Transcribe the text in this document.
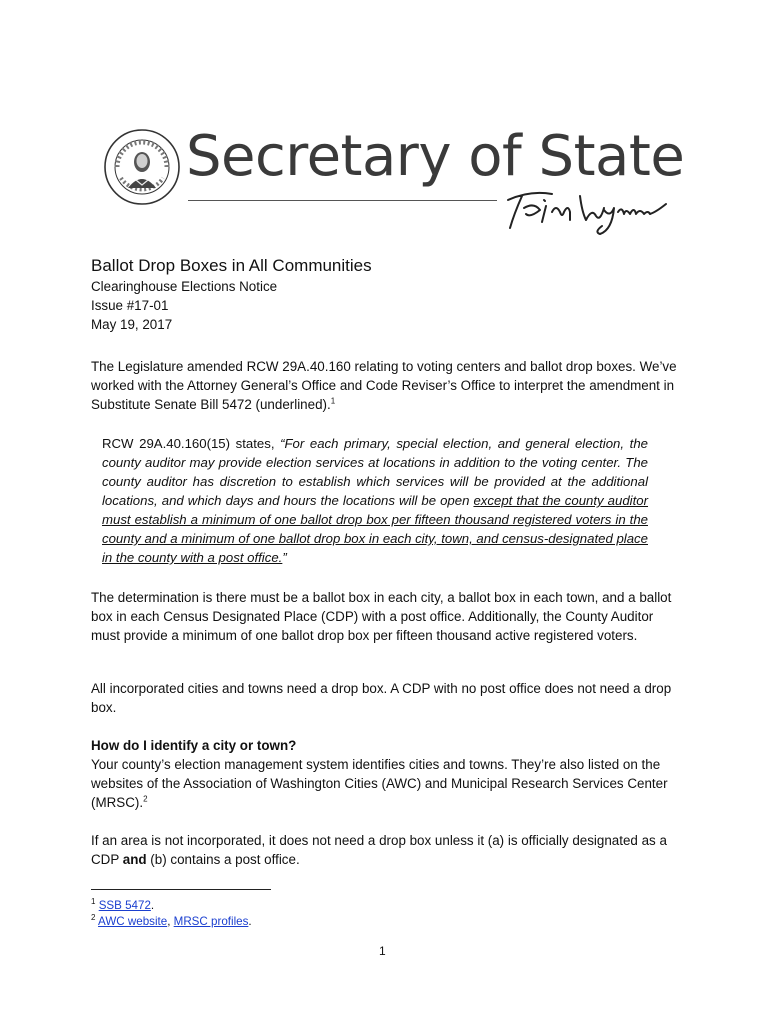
Secretary of State
Ballot Drop Boxes in All Communities
Clearinghouse Elections Notice
Issue #17-01
May 19, 2017
The Legislature amended RCW 29A.40.160 relating to voting centers and ballot drop boxes. We’ve worked with the Attorney General’s Office and Code Reviser’s Office to interpret the amendment in Substitute Senate Bill 5472 (underlined).$^1$
RCW 29A.40.160(15) states, “For each primary, special election, and general election, the county auditor may provide election services at locations in addition to the voting center. The county auditor has discretion to establish which services will be provided at the additional locations, and which days and hours the locations will be open except that the county auditor must establish a minimum of one ballot drop box per fifteen thousand registered voters in the county and a minimum of one ballot drop box in each city, town, and census-designated place in the county with a post office.”
The determination is there must be a ballot box in each city, a ballot box in each town, and a ballot box in each Census Designated Place (CDP) with a post office. Additionally, the County Auditor must provide a minimum of one ballot drop box per fifteen thousand active registered voters.
All incorporated cities and towns need a drop box. A CDP with no post office does not need a drop box.
How do I identify a city or town?
Your county’s election management system identifies cities and towns. They’re also listed on the websites of the Association of Washington Cities (AWC) and Municipal Research Services Center (MRSC).$^2$
If an area is not incorporated, it does not need a drop box unless it (a) is officially designated as a CDP and (b) contains a post office.
$^1$ SSB 5472.
$^2$ AWC website, MRSC profiles.
1
